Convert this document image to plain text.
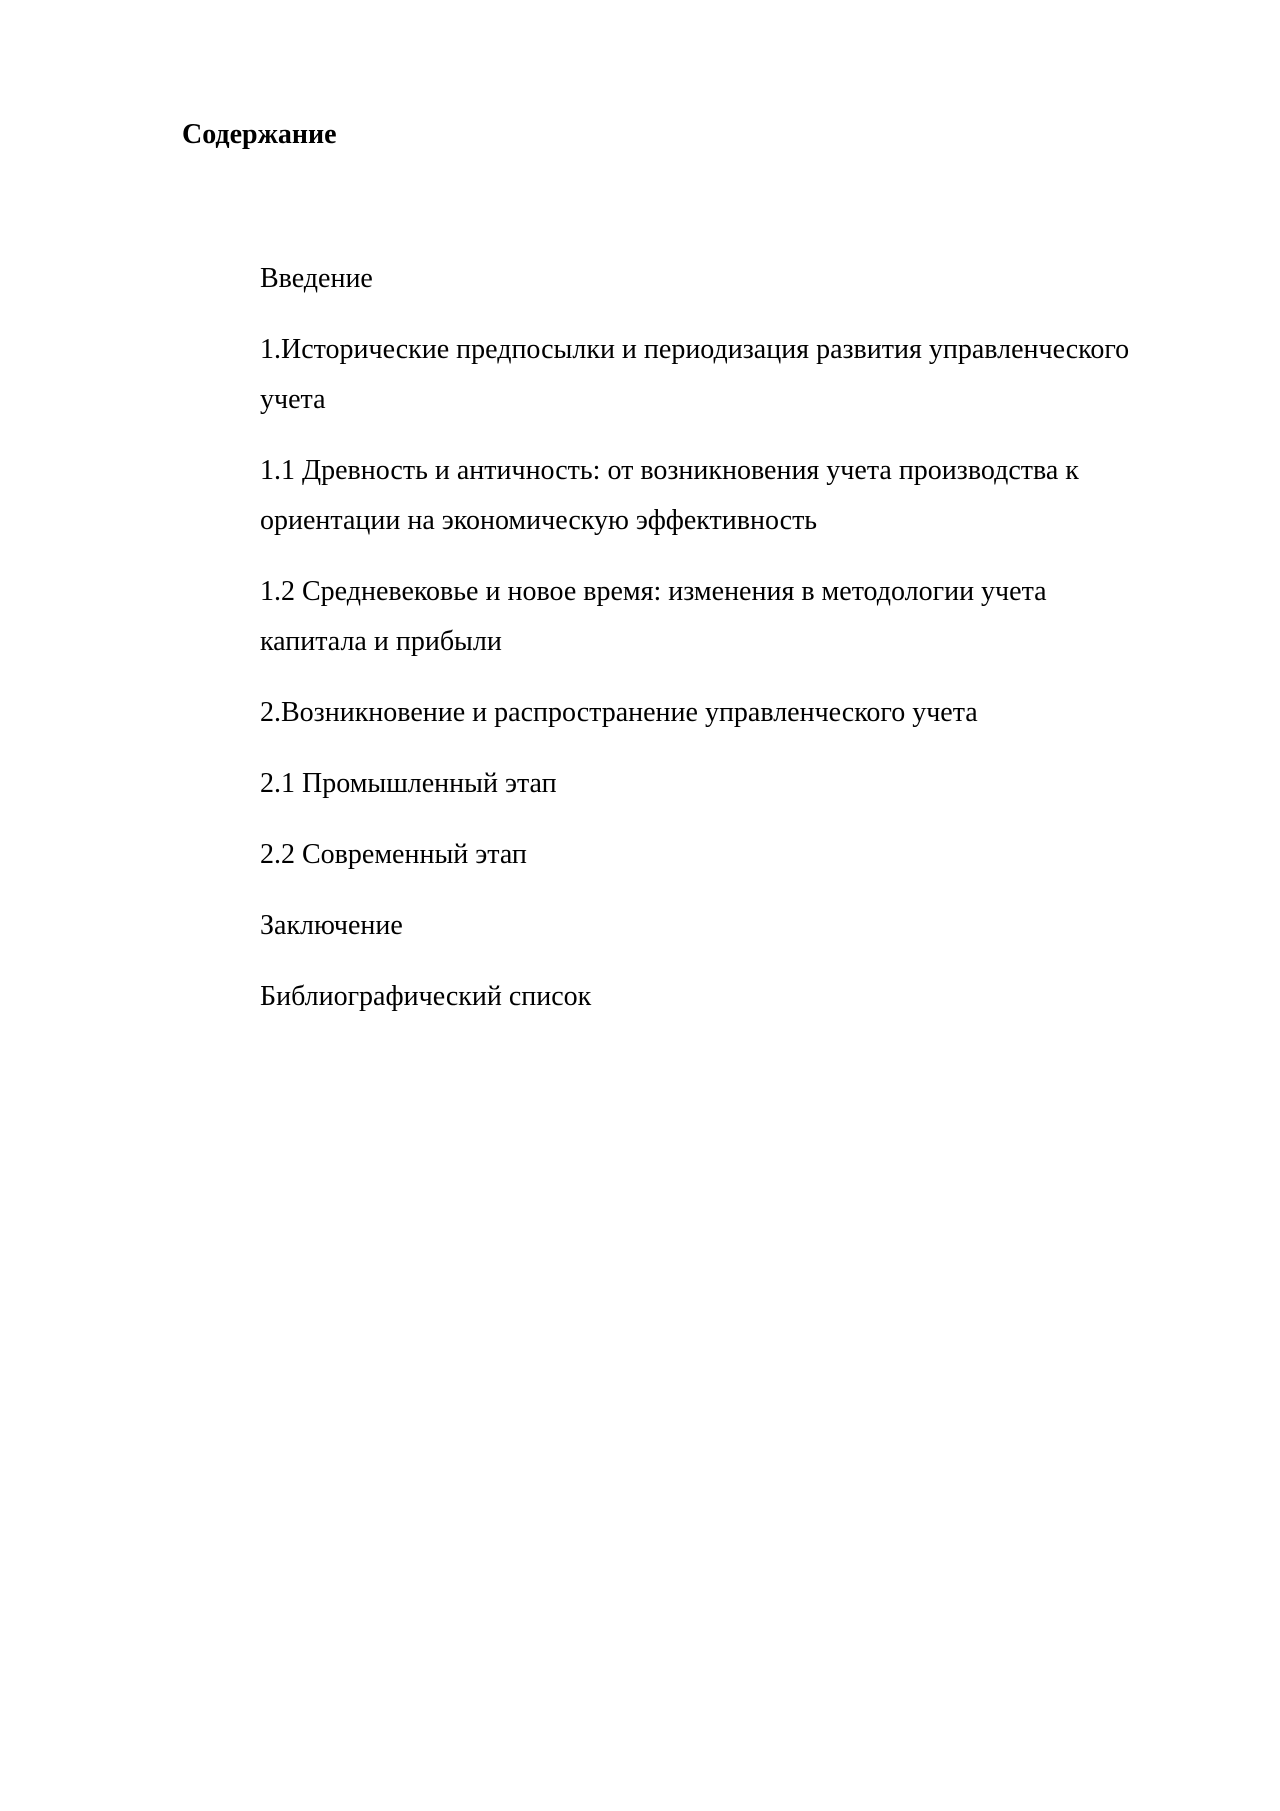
Содержание
Введение
1.Исторические предпосылки и периодизация развития управленческого учета
1.1 Древность и античность: от возникновения учета производства к ориентации на экономическую эффективность
1.2 Средневековье и новое время: изменения в методологии учета капитала и прибыли
2.Возникновение и распространение управленческого учета
2.1 Промышленный этап
2.2 Современный этап
Заключение
Библиографический список
